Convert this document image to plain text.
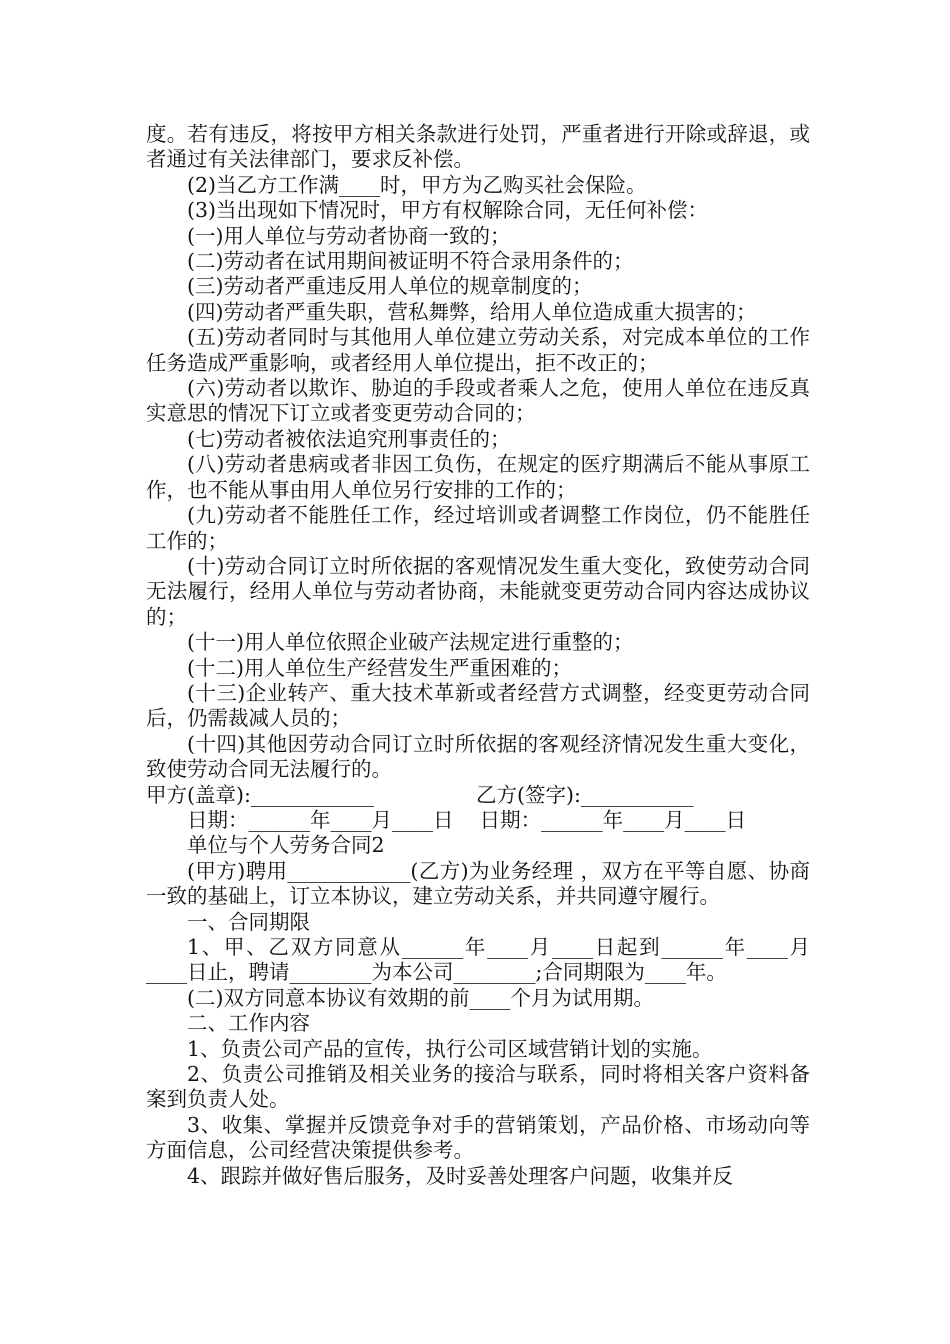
度。若有违反，将按甲方相关条款进行处罚，严重者进行开除或辞退，或者通过有关法律部门，要求反补偿。

(2)当乙方工作满____时，甲方为乙购买社会保险。

(3)当出现如下情况时，甲方有权解除合同，无任何补偿：

(一)用人单位与劳动者协商一致的；

(二)劳动者在试用期间被证明不符合录用条件的；

(三)劳动者严重违反用人单位的规章制度的；

(四)劳动者严重失职，营私舞弊，给用人单位造成重大损害的；

(五)劳动者同时与其他用人单位建立劳动关系，对完成本单位的工作任务造成严重影响，或者经用人单位提出，拒不改正的；

(六)劳动者以欺诈、胁迫的手段或者乘人之危，使用人单位在违反真实意思的情况下订立或者变更劳动合同的；

(七)劳动者被依法追究刑事责任的；

(八)劳动者患病或者非因工负伤，在规定的医疗期满后不能从事原工作，也不能从事由用人单位另行安排的工作的；

(九)劳动者不能胜任工作，经过培训或者调整工作岗位，仍不能胜任工作的；

(十)劳动合同订立时所依据的客观情况发生重大变化，致使劳动合同无法履行，经用人单位与劳动者协商，未能就变更劳动合同内容达成协议的；

(十一)用人单位依照企业破产法规定进行重整的；

(十二)用人单位生产经营发生严重困难的；

(十三)企业转产、重大技术革新或者经营方式调整，经变更劳动合同后，仍需裁减人员的；

(十四)其他因劳动合同订立时所依据的客观经济情况发生重大变化，致使劳动合同无法履行的。

甲方(盖章):____________	乙方(签字):___________

日期：______年____月____日 日期：______年____月____日

单位与个人劳务合同2

(甲方)聘用____________(乙方)为业务经理 ，双方在平等自愿、协商一致的基础上，订立本协议，建立劳动关系，并共同遵守履行。

一、合同期限

1、甲、乙双方同意从______年____月____日起到______年____月____日止，聘请________为本公司________;合同期限为____年。

(二)双方同意本协议有效期的前____个月为试用期。

二、工作内容

1、负责公司产品的宣传，执行公司区域营销计划的实施。

2、负责公司推销及相关业务的接洽与联系，同时将相关客户资料备案到负责人处。

3、收集、掌握并反馈竞争对手的营销策划，产品价格、市场动向等方面信息，公司经营决策提供参考。

4、跟踪并做好售后服务，及时妥善处理客户问题，收集并反
